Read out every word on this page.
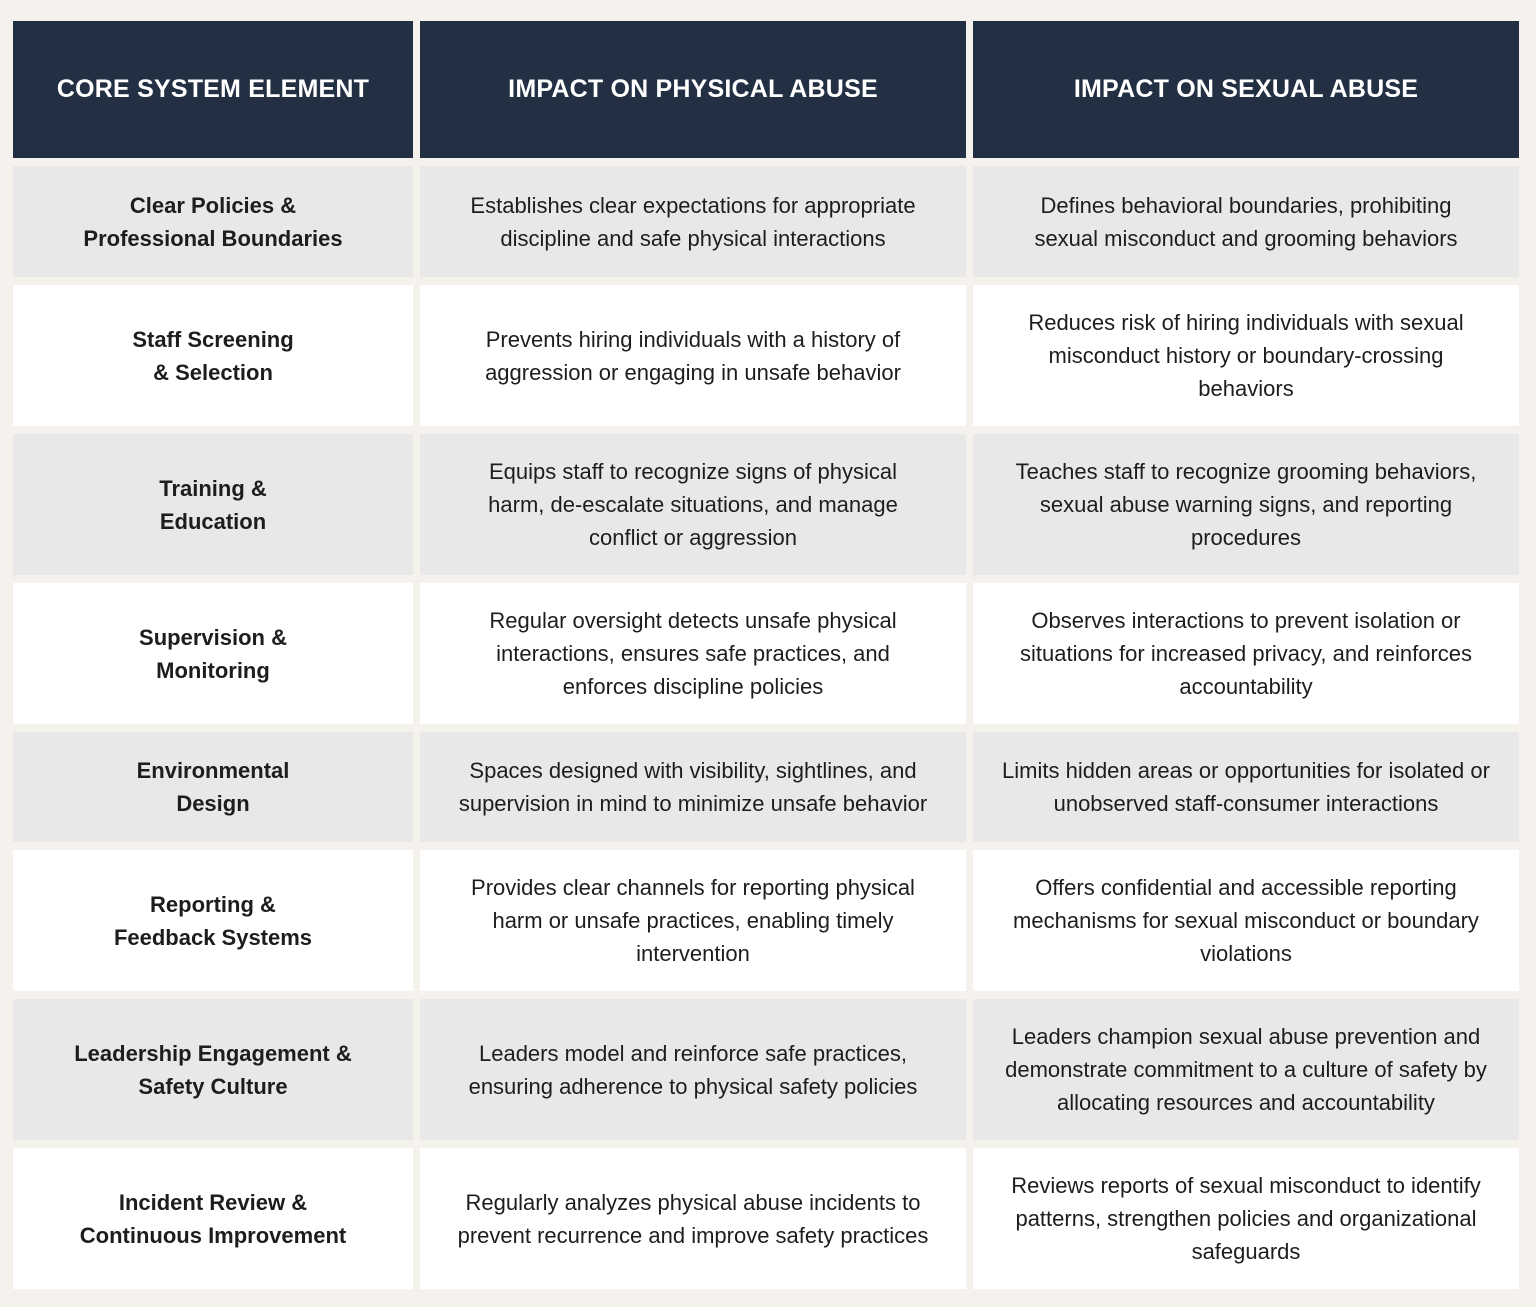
CORE SYSTEM ELEMENT	IMPACT ON PHYSICAL ABUSE	IMPACT ON SEXUAL ABUSE
Clear Policies &
Professional Boundaries
Establishes clear expectations for appropriate discipline and safe physical interactions
Defines behavioral boundaries, prohibiting sexual misconduct and grooming behaviors
Staff Screening
& Selection
Prevents hiring individuals with a history of aggression or engaging in unsafe behavior
Reduces risk of hiring individuals with sexual misconduct history or boundary-crossing behaviors
Training &
Education
Equips staff to recognize signs of physical harm, de-escalate situations, and manage conflict or aggression
Teaches staff to recognize grooming behaviors, sexual abuse warning signs, and reporting procedures
Supervision &
Monitoring
Regular oversight detects unsafe physical interactions, ensures safe practices, and enforces discipline policies
Observes interactions to prevent isolation or situations for increased privacy, and reinforces accountability
Environmental
Design
Spaces designed with visibility, sightlines, and supervision in mind to minimize unsafe behavior
Limits hidden areas or opportunities for isolated or unobserved staff-consumer interactions
Reporting &
Feedback Systems
Provides clear channels for reporting physical harm or unsafe practices, enabling timely intervention
Offers confidential and accessible reporting mechanisms for sexual misconduct or boundary violations
Leadership Engagement &
Safety Culture
Leaders model and reinforce safe practices, ensuring adherence to physical safety policies
Leaders champion sexual abuse prevention and demonstrate commitment to a culture of safety by allocating resources and accountability
Incident Review &
Continuous Improvement
Regularly analyzes physical abuse incidents to prevent recurrence and improve safety practices
Reviews reports of sexual misconduct to identify patterns, strengthen policies and organizational safeguards
